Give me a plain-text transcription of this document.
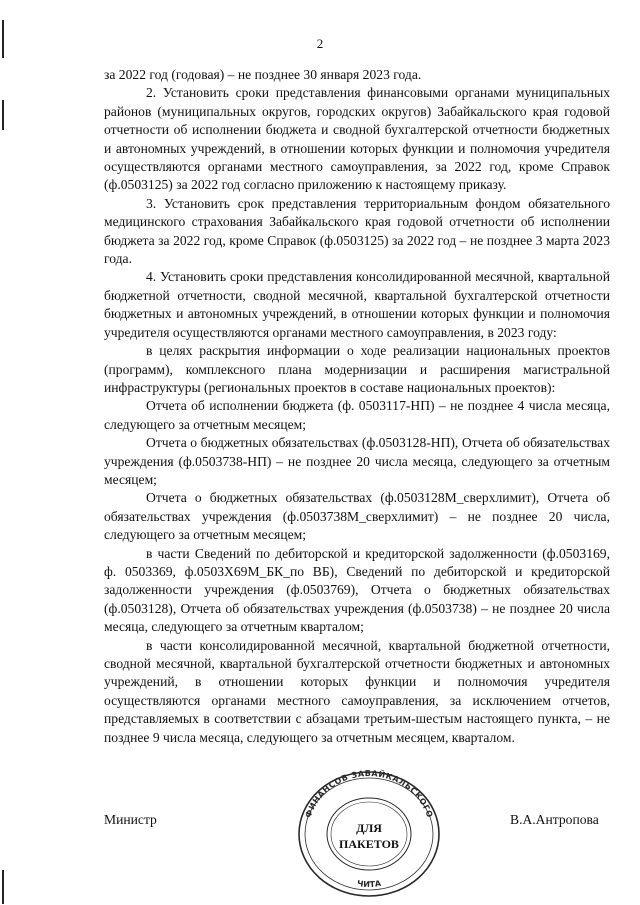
2

за 2022 год (годовая) – не позднее 30 января 2023 года.

2. Установить сроки представления финансовыми органами муниципальных районов (муниципальных округов, городских округов) Забайкальского края годовой отчетности об исполнении бюджета и сводной бухгалтерской отчетности бюджетных и автономных учреждений, в отношении которых функции и полномочия учредителя осуществляются органами местного самоуправления, за 2022 год, кроме Справок (ф.0503125) за 2022 год согласно приложению к настоящему приказу.

3. Установить срок представления территориальным фондом обязательного медицинского страхования Забайкальского края годовой отчетности об исполнении бюджета за 2022 год, кроме Справок (ф.0503125) за 2022 год – не позднее 3 марта 2023 года.

4. Установить сроки представления консолидированной месячной, квартальной бюджетной отчетности, сводной месячной, квартальной бухгалтерской отчетности бюджетных и автономных учреждений, в отношении которых функции и полномочия учредителя осуществляются органами местного самоуправления, в 2023 году:

в целях раскрытия информации о ходе реализации национальных проектов (программ), комплексного плана модернизации и расширения магистральной инфраструктуры (региональных проектов в составе национальных проектов):

Отчета об исполнении бюджета (ф. 0503117-НП) – не позднее 4 числа месяца, следующего за отчетным месяцем;

Отчета о бюджетных обязательствах (ф.0503128-НП), Отчета об обязательствах учреждения (ф.0503738-НП) – не позднее 20 числа месяца, следующего за отчетным месяцем;

Отчета о бюджетных обязательствах (ф.0503128М_сверхлимит), Отчета об обязательствах учреждения (ф.0503738М_сверхлимит) – не позднее 20 числа, следующего за отчетным месяцем;

в части Сведений по дебиторской и кредиторской задолженности (ф.0503169, ф. 0503369, ф.0503Х69М_БК_по ВБ), Сведений по дебиторской и кредиторской задолженности учреждения (ф.0503769), Отчета о бюджетных обязательствах (ф.0503128), Отчета об обязательствах учреждения (ф.0503738) – не позднее 20 числа месяца, следующего за отчетным кварталом;

в части консолидированной месячной, квартальной бюджетной отчетности, сводной месячной, квартальной бухгалтерской отчетности бюджетных и автономных учреждений, в отношении которых функции и полномочия учредителя осуществляются органами местного самоуправления, за исключением отчетов, представляемых в соответствии с абзацами третьим-шестым настоящего пункта, – не позднее 9 числа месяца, следующего за отчетным месяцем, кварталом.

Министр	В.А.Антропова
ФИНАНСОВ ЗАБАЙКАЛЬСКОГО
ЧИТА
ДЛЯ
ПАКЕТОВ
